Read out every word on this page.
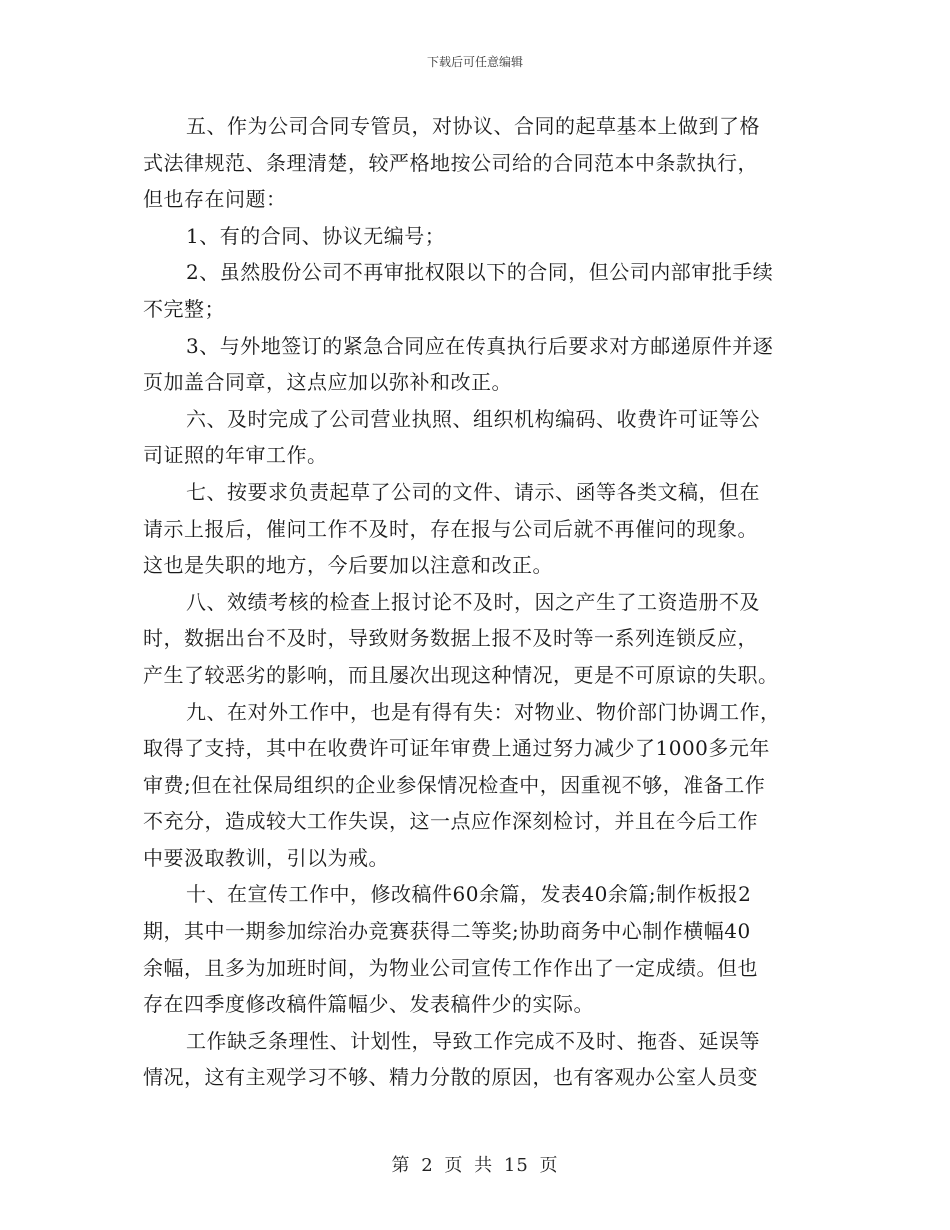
下载后可任意编辑
五、作为公司合同专管员，对协议、合同的起草基本上做到了格
式法律规范、条理清楚，较严格地按公司给的合同范本中条款执行，
但也存在问题：
1、有的合同、协议无编号；
2、虽然股份公司不再审批权限以下的合同，但公司内部审批手续
不完整；
3、与外地签订的紧急合同应在传真执行后要求对方邮递原件并逐
页加盖合同章，这点应加以弥补和改正。
六、及时完成了公司营业执照、组织机构编码、收费许可证等公
司证照的年审工作。
七、按要求负责起草了公司的文件、请示、函等各类文稿，但在
请示上报后，催问工作不及时，存在报与公司后就不再催问的现象。
这也是失职的地方，今后要加以注意和改正。
八、效绩考核的检查上报讨论不及时，因之产生了工资造册不及
时，数据出台不及时，导致财务数据上报不及时等一系列连锁反应，
产生了较恶劣的影响，而且屡次出现这种情况，更是不可原谅的失职。
九、在对外工作中，也是有得有失：对物业、物价部门协调工作，
取得了支持，其中在收费许可证年审费上通过努力减少了1000多元年
审费;但在社保局组织的企业参保情况检查中，因重视不够，准备工作
不充分，造成较大工作失误，这一点应作深刻检讨，并且在今后工作
中要汲取教训，引以为戒。
十、在宣传工作中，修改稿件60余篇，发表40余篇;制作板报2
期，其中一期参加综治办竞赛获得二等奖;协助商务中心制作横幅40
余幅，且多为加班时间，为物业公司宣传工作作出了一定成绩。但也
存在四季度修改稿件篇幅少、发表稿件少的实际。
工作缺乏条理性、计划性，导致工作完成不及时、拖沓、延误等
情况，这有主观学习不够、精力分散的原因，也有客观办公室人员变
第 2 页 共 15 页
